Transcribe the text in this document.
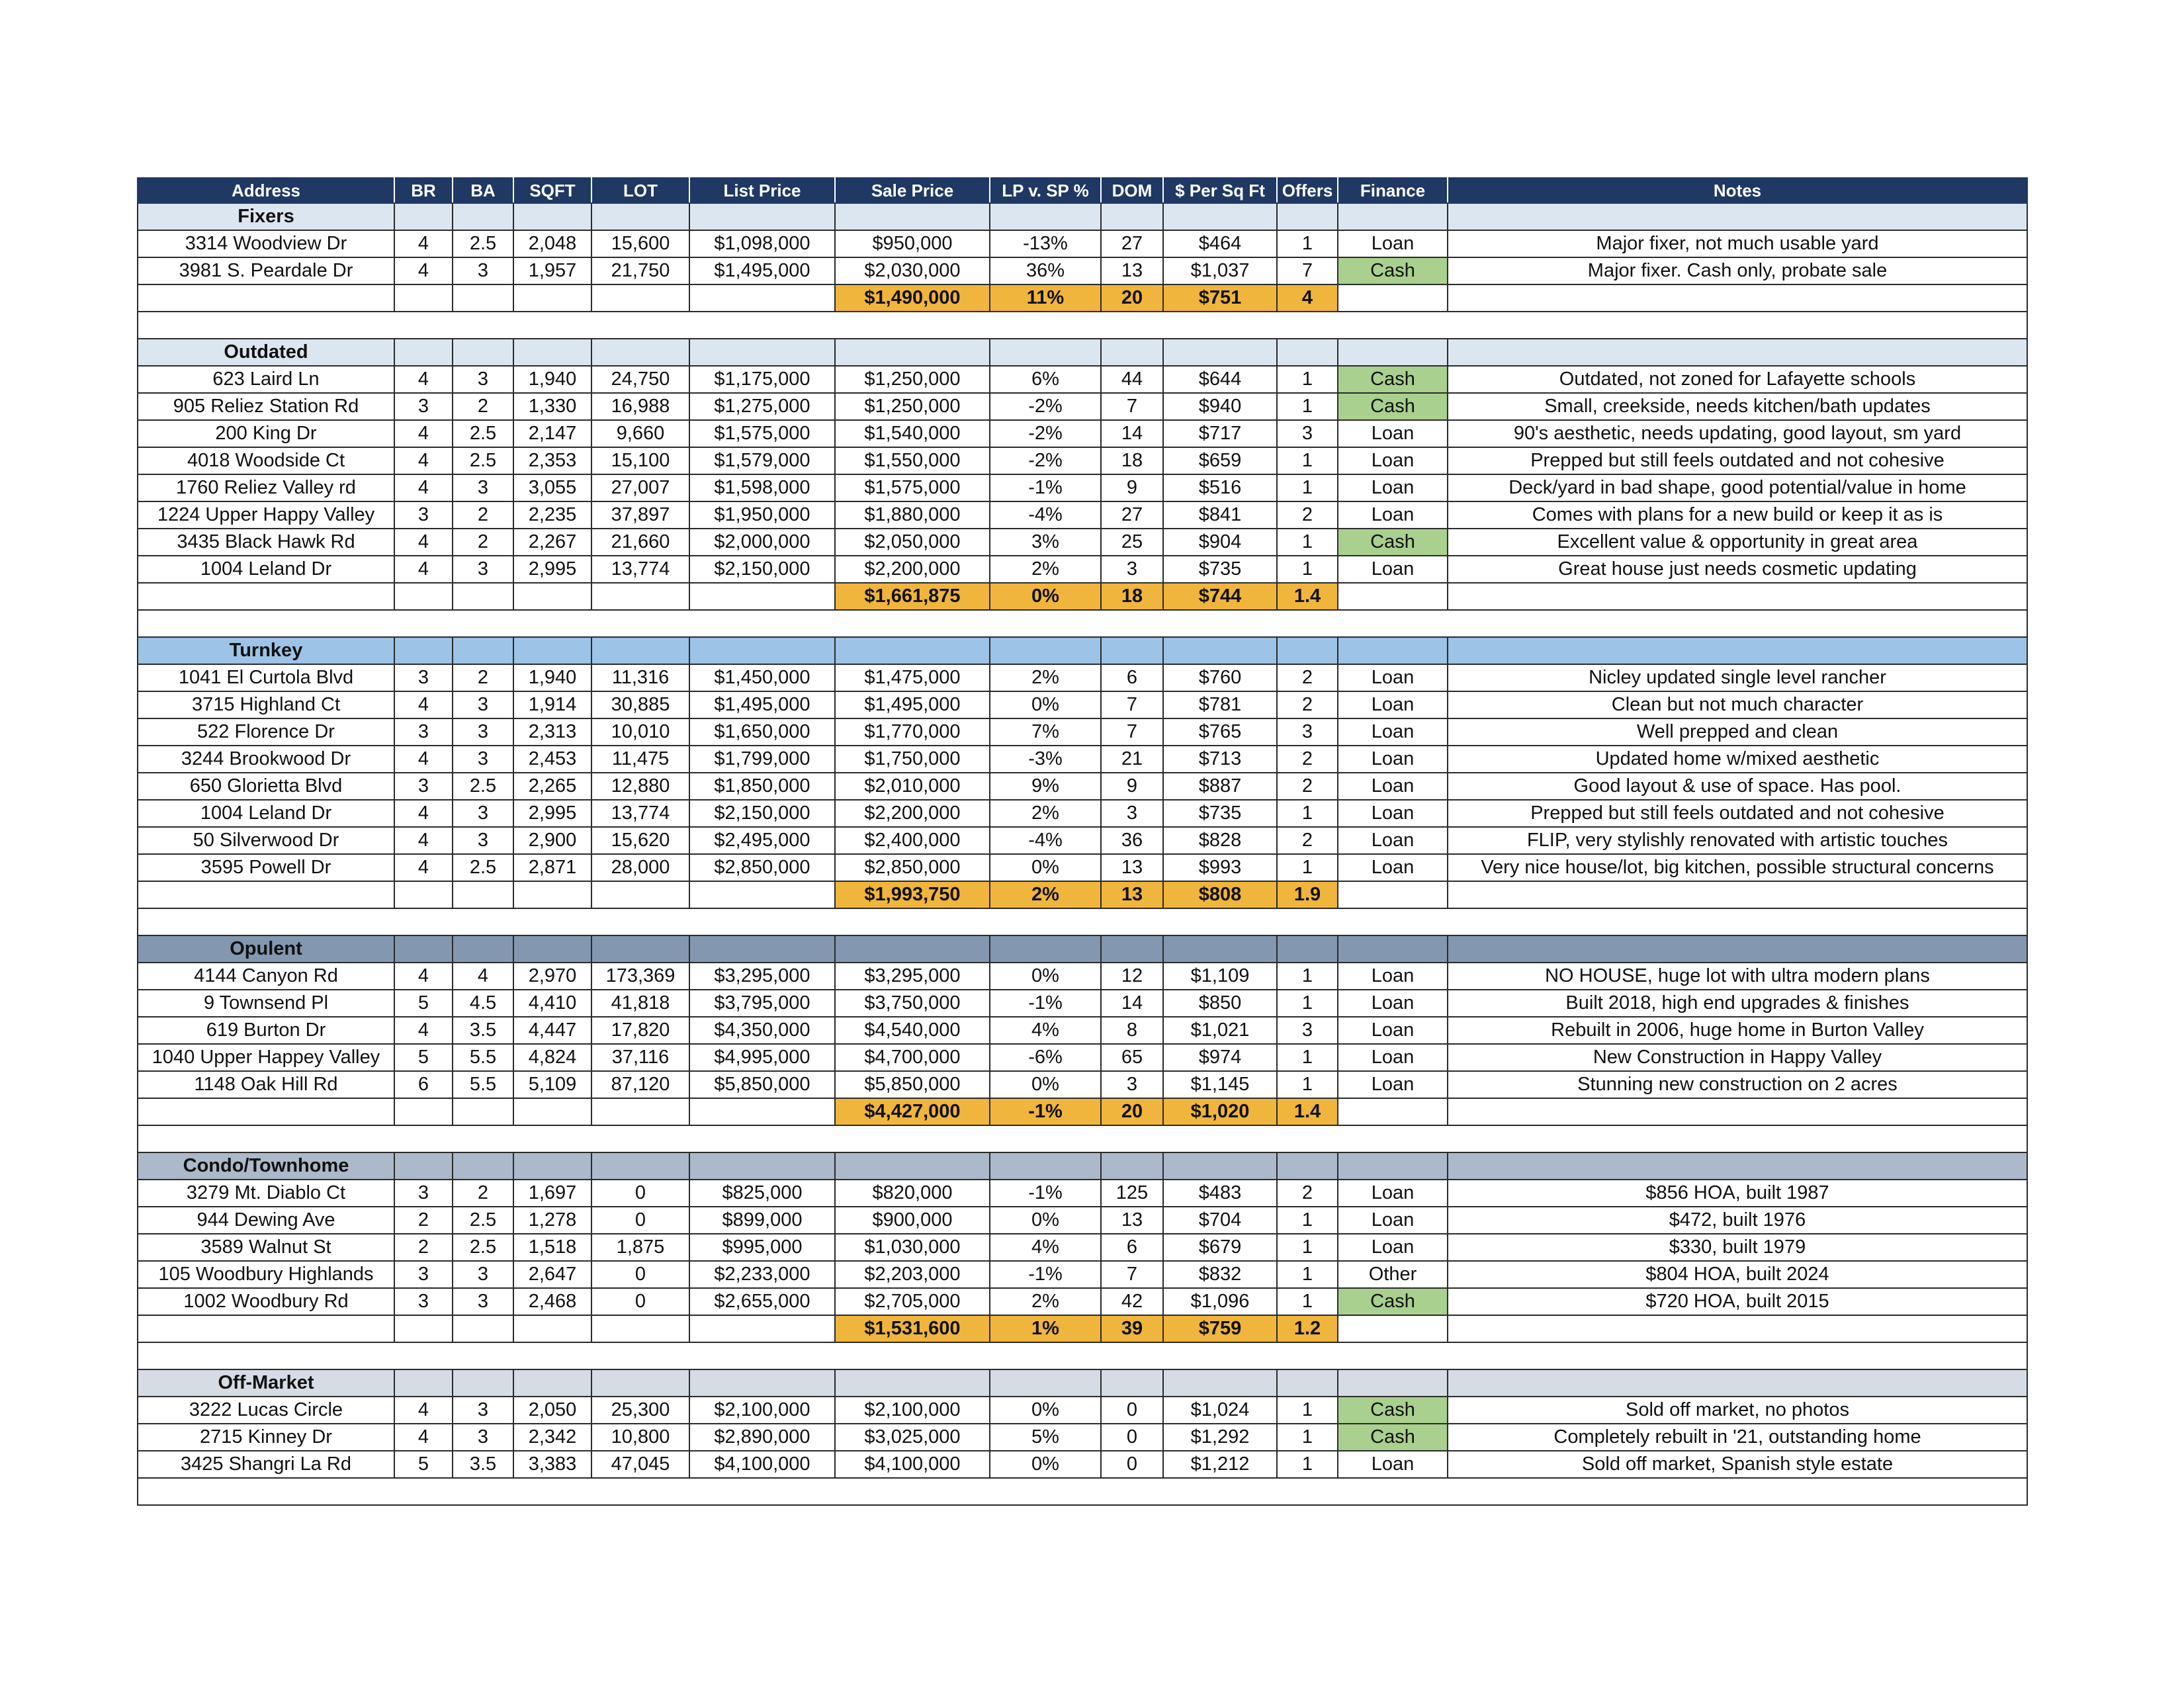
Address	BR	BA	SQFT	LOT	List Price	Sale Price	LP v. SP %	DOM	$ Per Sq Ft	Offers	Finance	Notes
Fixers												
3314 Woodview Dr	4	2.5	2,048	15,600	$1,098,000	$950,000	-13%	27	$464	1	Loan	Major fixer, not much usable yard
3981 S. Peardale Dr	4	3	1,957	21,750	$1,495,000	$2,030,000	36%	13	$1,037	7	Cash	Major fixer. Cash only, probate sale
						$1,490,000	11%	20	$751	4		

Outdated												
623 Laird Ln	4	3	1,940	24,750	$1,175,000	$1,250,000	6%	44	$644	1	Cash	Outdated, not zoned for Lafayette schools
905 Reliez Station Rd	3	2	1,330	16,988	$1,275,000	$1,250,000	-2%	7	$940	1	Cash	Small, creekside, needs kitchen/bath updates
200 King Dr	4	2.5	2,147	9,660	$1,575,000	$1,540,000	-2%	14	$717	3	Loan	90's aesthetic, needs updating, good layout, sm yard
4018 Woodside Ct	4	2.5	2,353	15,100	$1,579,000	$1,550,000	-2%	18	$659	1	Loan	Prepped but still feels outdated and not cohesive
1760 Reliez Valley rd	4	3	3,055	27,007	$1,598,000	$1,575,000	-1%	9	$516	1	Loan	Deck/yard in bad shape, good potential/value in home
1224 Upper Happy Valley	3	2	2,235	37,897	$1,950,000	$1,880,000	-4%	27	$841	2	Loan	Comes with plans for a new build or keep it as is
3435 Black Hawk Rd	4	2	2,267	21,660	$2,000,000	$2,050,000	3%	25	$904	1	Cash	Excellent value & opportunity in great area
1004 Leland Dr	4	3	2,995	13,774	$2,150,000	$2,200,000	2%	3	$735	1	Loan	Great house just needs cosmetic updating
						$1,661,875	0%	18	$744	1.4		

Turnkey												
1041 El Curtola Blvd	3	2	1,940	11,316	$1,450,000	$1,475,000	2%	6	$760	2	Loan	Nicley updated single level rancher
3715 Highland Ct	4	3	1,914	30,885	$1,495,000	$1,495,000	0%	7	$781	2	Loan	Clean but not much character
522 Florence Dr	3	3	2,313	10,010	$1,650,000	$1,770,000	7%	7	$765	3	Loan	Well prepped and clean
3244 Brookwood Dr	4	3	2,453	11,475	$1,799,000	$1,750,000	-3%	21	$713	2	Loan	Updated home w/mixed aesthetic
650 Glorietta Blvd	3	2.5	2,265	12,880	$1,850,000	$2,010,000	9%	9	$887	2	Loan	Good layout & use of space. Has pool.
1004 Leland Dr	4	3	2,995	13,774	$2,150,000	$2,200,000	2%	3	$735	1	Loan	Prepped but still feels outdated and not cohesive
50 Silverwood Dr	4	3	2,900	15,620	$2,495,000	$2,400,000	-4%	36	$828	2	Loan	FLIP, very stylishly renovated with artistic touches
3595 Powell Dr	4	2.5	2,871	28,000	$2,850,000	$2,850,000	0%	13	$993	1	Loan	Very nice house/lot, big kitchen, possible structural concerns
						$1,993,750	2%	13	$808	1.9		

Opulent												
4144 Canyon Rd	4	4	2,970	173,369	$3,295,000	$3,295,000	0%	12	$1,109	1	Loan	NO HOUSE, huge lot with ultra modern plans
9 Townsend Pl	5	4.5	4,410	41,818	$3,795,000	$3,750,000	-1%	14	$850	1	Loan	Built 2018, high end upgrades & finishes
619 Burton Dr	4	3.5	4,447	17,820	$4,350,000	$4,540,000	4%	8	$1,021	3	Loan	Rebuilt in 2006, huge home in Burton Valley
1040 Upper Happey Valley	5	5.5	4,824	37,116	$4,995,000	$4,700,000	-6%	65	$974	1	Loan	New Construction in Happy Valley
1148 Oak Hill Rd	6	5.5	5,109	87,120	$5,850,000	$5,850,000	0%	3	$1,145	1	Loan	Stunning new construction on 2 acres
						$4,427,000	-1%	20	$1,020	1.4		

Condo/Townhome												
3279 Mt. Diablo Ct	3	2	1,697	0	$825,000	$820,000	-1%	125	$483	2	Loan	$856 HOA, built 1987
944 Dewing Ave	2	2.5	1,278	0	$899,000	$900,000	0%	13	$704	1	Loan	$472, built 1976
3589 Walnut St	2	2.5	1,518	1,875	$995,000	$1,030,000	4%	6	$679	1	Loan	$330, built 1979
105 Woodbury Highlands	3	3	2,647	0	$2,233,000	$2,203,000	-1%	7	$832	1	Other	$804 HOA, built 2024
1002 Woodbury Rd	3	3	2,468	0	$2,655,000	$2,705,000	2%	42	$1,096	1	Cash	$720 HOA, built 2015
						$1,531,600	1%	39	$759	1.2		

Off-Market												
3222 Lucas Circle	4	3	2,050	25,300	$2,100,000	$2,100,000	0%	0	$1,024	1	Cash	Sold off market, no photos
2715 Kinney Dr	4	3	2,342	10,800	$2,890,000	$3,025,000	5%	0	$1,292	1	Cash	Completely rebuilt in '21, outstanding home
3425 Shangri La Rd	5	3.5	3,383	47,045	$4,100,000	$4,100,000	0%	0	$1,212	1	Loan	Sold off market, Spanish style estate
